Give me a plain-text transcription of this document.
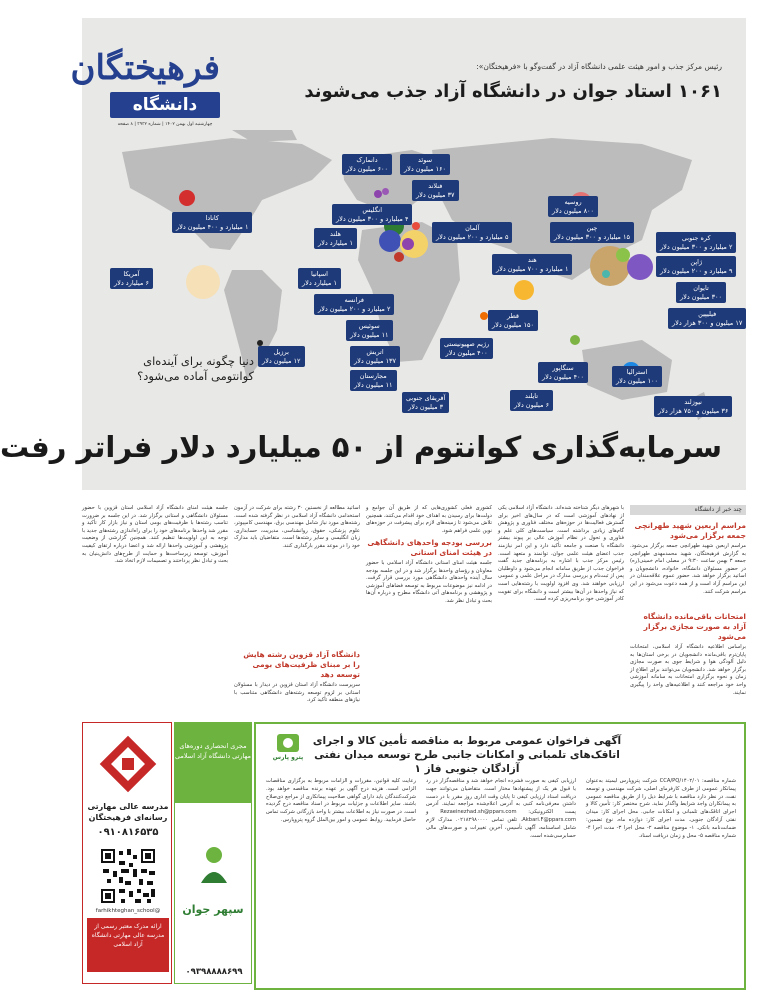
فرهیختگان
دانشگاه
چهارشنبه اول بهمن ۱۴۰۲ | شماره ۳۹۳۲ | ۸ صفحه
رئیس مرکز جذب و امور هیئت علمی دانشگاه آزاد در گفت‌وگو با «فرهیختگان»:
۱۰۶۱ استاد جوان در دانشگاه آزاد جذب می‌شوند
کانادا
۱ میلیارد و ۴۰۰ میلیون دلار
آمریکا
۶ میلیارد دلار
برزیل
۱۲ میلیون دلار
دانمارک
۶۰۰ میلیون دلار
سوئد
۱۶۰ میلیون دلار
فنلاند
۳۷ میلیون دلار
انگلیس
۴ میلیارد و ۳۰۰ میلیون دلار
هلند
۱ میلیارد دلار
اسپانیا
۱ میلیارد دلار
آلمان
۵ میلیارد و ۲۰۰ میلیون دلار
فرانسه
۲ میلیارد و ۲۰۰ میلیون دلار
سوئیس
۱۱ میلیون دلار
اتریش
۱۳۷ میلیون دلار
مجارستان
۱۱ میلیون دلار
آفریقای جنوبی
۳ میلیون دلار
روسیه
۸۰۰ میلیون دلار
چین
۱۵ میلیارد و ۳۰۰ میلیون دلار
هند
۱ میلیارد و ۷۰۰ میلیون دلار
قطر
۱۵۰ میلیون دلار
رژیم صهیونیستی
۴۰۰ میلیون دلار
کره جنوبی
۲ میلیارد و ۳۰۰ میلیون دلار
ژاپن
۹ میلیارد و ۲۰۰ میلیون دلار
تایوان
۳۰۰ میلیون دلار
فیلیپین
۱۷ میلیون و ۳۰۰ هزار دلار
سنگاپور
۴۰۰ میلیون دلار
تایلند
۶ میلیون دلار
استرالیا
۱۰۰ میلیون دلار
نیوزلند
۳۶ میلیون و ۷۵۰ هزار دلار
دنیا چگونه برای آینده‌ای کوانتومی آماده می‌شود؟
سرمایه‌گذاری کوانتوم از ۵۰ میلیارد دلار فراتر رفت
چند خبر از دانشگاه
مراسم اربعین شهید طهرانچی جمعه برگزار می‌شود
مراسم اربعین شهید طهرانچی جمعه برگزار می‌شود. به گزارش فرهیختگان، شهید محمدمهدی طهرانچی جمعه ۳ بهمن ساعت ۹:۳۰ در مصلی امام خمینی(ره) در حضور مسئولان دانشگاه، خانواده، دانشجویان و اساتید برگزار خواهد شد. حضور عموم علاقه‌مندان در این مراسم آزاد است و از همه دعوت می‌شود در این مراسم شرکت کنند.
امتحانات باقی‌مانده دانشگاه آزاد به صورت مجازی برگزار می‌شود
براساس اطلاعیه دانشگاه آزاد اسلامی، امتحانات پایان‌ترم باقی‌مانده دانشجویان در برخی استان‌ها به دلیل آلودگی هوا و شرایط جوی به صورت مجازی برگزار خواهد شد. دانشجویان می‌توانند برای اطلاع از زمان و نحوه برگزاری امتحانات به سامانه آموزشی واحد خود مراجعه کنند و اطلاعیه‌های واحد را پیگیری نمایند.
با شهرهای دیگر شناخته شده‌اند. دانشگاه آزاد اسلامی یکی از نهادهای آموزشی است که در سال‌های اخیر برای گسترش فعالیت‌ها در حوزه‌های مختلف فناوری و پژوهش گام‌های زیادی برداشته است. سیاست‌های کلی علم و فناوری و تحول در نظام آموزش عالی بر پیوند بیشتر دانشگاه با صنعت و جامعه تأکید دارد و این امر نیازمند جذب اعضای هیئت علمی جوان، توانمند و متعهد است. رئیس مرکز جذب با اشاره به برنامه‌های جدید گفت فراخوان جذب از طریق سامانه انجام می‌شود و داوطلبان پس از ثبت‌نام و بررسی مدارک در مراحل علمی و عمومی ارزیابی خواهند شد. وی افزود اولویت با رشته‌هایی است که نیاز واحدها در آن‌ها بیشتر است و دانشگاه برای تقویت کادر آموزشی خود برنامه‌ریزی کرده است.
کشوری فعلی کشوری‌هایی که از طریق آن جوامع و دولت‌ها برای رسیدن به اهداف خود اقدام می‌کنند، همچنین تلاش می‌شود تا زمینه‌های لازم برای پیشرفت در حوزه‌های نوین علمی فراهم شود.
بررسی بودجه واحدهای دانشگاهی در هیئت امنای استانی
جلسه هیئت امنای استانی دانشگاه آزاد اسلامی با حضور معاونان و رؤسای واحدها برگزار شد و در این جلسه بودجه سال آینده واحدهای دانشگاهی مورد بررسی قرار گرفت. در ادامه نیز موضوعات مربوط به توسعه فضاهای آموزشی و پژوهشی و برنامه‌های آتی دانشگاه مطرح و درباره آن‌ها بحث و تبادل نظر شد.
اساتید مطالعه از نخستین ۳۰ رشته برای شرکت در آزمون استخدامی دانشگاه آزاد اسلامی در نظر گرفته شده است. رشته‌های مورد نیاز شامل مهندسی برق، مهندسی کامپیوتر، علوم پزشکی، حقوق، روانشناسی، مدیریت، حسابداری، زبان انگلیسی و سایر رشته‌ها است. متقاضیان باید مدارک خود را در موعد مقرر بارگذاری کنند.
دانشگاه آزاد قزوین رشته هایش را بر مبنای ظرفیت‌های بومی توسعه دهد
سرپرست دانشگاه آزاد استان قزوین در دیدار با مسئولان استانی بر لزوم توسعه رشته‌های دانشگاهی متناسب با نیازهای منطقه تأکید کرد.
جلسه هیئت امنای دانشگاه آزاد اسلامی استان قزوین با حضور مسئولان دانشگاهی و استانی برگزار شد. در این جلسه بر ضرورت تناسب رشته‌ها با ظرفیت‌های بومی استان و نیاز بازار کار تأکید و مقرر شد واحدها برنامه‌های خود را برای راه‌اندازی رشته‌های جدید با توجه به این اولویت‌ها تنظیم کنند. همچنین گزارشی از وضعیت پژوهشی و آموزشی واحدها ارائه شد و اعضا درباره ارتقای کیفیت آموزش، توسعه زیرساخت‌ها و حمایت از طرح‌های دانش‌بنیان به بحث و تبادل نظر پرداختند و تصمیمات لازم اتخاذ شد.
پترو پارس
آگهی فراخوان عمومی مربوط به مناقصه تأمین کالا و اجرای اتاقک‌های تلمبانی و امکانات جانبی طرح توسعه میدان نفتی آزادگان جنوبی فاز ۱
شماره مناقصه: CCA/PQ/۱۴۰۲/۰۱ شرکت پتروپارس لیمیتد به‌عنوان پیمانکار عمومی از طرف کارفرمای اصلی، شرکت مهندسی و توسعه نفت، در نظر دارد مناقصه با شرایط ذیل را از طریق مناقصه عمومی به پیمانکاران واجد شرایط واگذار نماید. شرح مختصر کار: تأمین کالا و اجرای اتاقک‌های تلمبانی و امکانات جانبی. محل اجرای کار: میدان نفتی آزادگان جنوبی. مدت اجرای کار: دوازده ماه. نوع تضمین: ضمانت‌نامه بانکی. ۱- موضوع مناقصه ۲- محل اجرا ۳- مدت اجرا ۴- شماره مناقصه ۵- محل و زمان دریافت اسناد.
ارزیابی کیفی به صورت فشرده انجام خواهد شد و مناقصه‌گزار در رد یا قبول هر یک از پیشنهادها مختار است. متقاضیان می‌توانند جهت دریافت اسناد ارزیابی کیفی تا پایان وقت اداری روز مقرر با در دست داشتن معرفی‌نامه کتبی به آدرس اعلام‌شده مراجعه نمایند. آدرس پست الکترونیکی: Rezaeinezhad.sh@ppars.com و Akbari.F@ppars.com. تلفن تماس ۰۲۱۸۲۹۸۰۰۰۰. مدارک لازم شامل اساسنامه، آگهی تأسیس، آخرین تغییرات و صورت‌های مالی حسابرسی‌شده است.
رعایت کلیه قوانین، مقررات و الزامات مربوط به برگزاری مناقصات الزامی است. هزینه درج آگهی بر عهده برنده مناقصه خواهد بود. شرکت‌کنندگان باید دارای گواهی صلاحیت پیمانکاری از مراجع ذی‌صلاح باشند. سایر اطلاعات و جزئیات مربوط در اسناد مناقصه درج گردیده است. در صورت نیاز به اطلاعات بیشتر با واحد بازرگانی شرکت تماس حاصل فرمایید. روابط عمومی و امور بین‌الملل گروه پتروپارس.
مدرسه عالی مهارتی رسانه‌ای فرهیختگان
۰۹۱۰۸۱۶۵۳۵
@farhikhteghan_school
ارائه مدرک معتبر رسمی از مدرسه عالی مهارتی دانشگاه آزاد اسلامی
مجری انحصاری دوره‌های مهارتی دانشگاه آزاد اسلامی
سپهر جوان
۰۹۳۹۸۸۸۸۶۹۹
